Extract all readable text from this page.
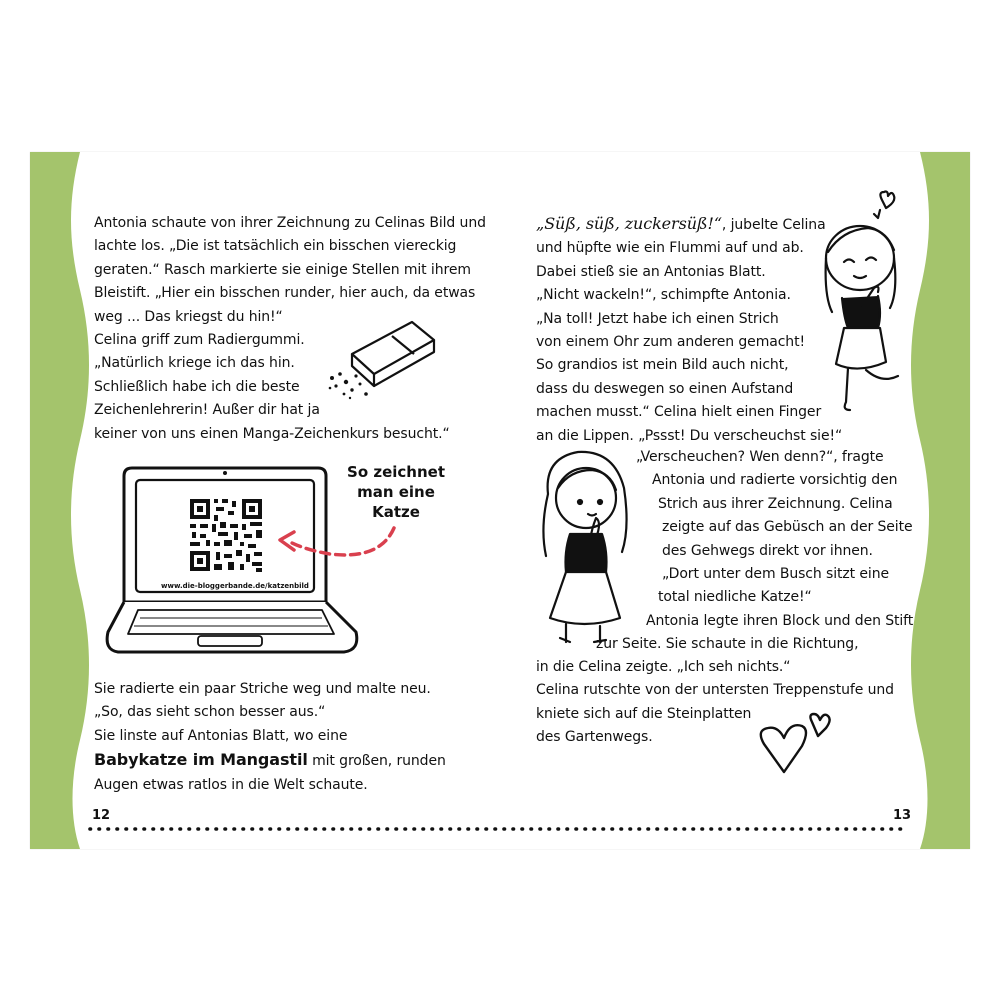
Antonia schaute von ihrer Zeichnung zu Celinas Bild und
lachte los. „Die ist tatsächlich ein bisschen viereckig
geraten.“ Rasch markierte sie einige Stellen mit ihrem
Bleistift. „Hier ein bisschen runder, hier auch, da etwas
weg ... Das kriegst du hin!“
Celina griff zum Radiergummi.
„Natürlich kriege ich das hin.
Schließlich habe ich die beste
Zeichenlehrerin! Außer dir hat ja
keiner von uns einen Manga-Zeichenkurs besucht.“
www.die-bloggerbande.de/katzenbild
So zeichnet
man eine
Katze
Sie radierte ein paar Striche weg und malte neu.
„So, das sieht schon besser aus.“
Sie linste auf Antonias Blatt, wo eine
Babykatze im Mangastil mit großen, runden
Augen etwas ratlos in die Welt schaute.
12
„Süß, süß, zuckersüß!“, jubelte Celina
und hüpfte wie ein Flummi auf und ab.
Dabei stieß sie an Antonias Blatt.
„Nicht wackeln!“, schimpfte Antonia.
„Na toll! Jetzt habe ich einen Strich
von einem Ohr zum anderen gemacht!
So grandios ist mein Bild auch nicht,
dass du deswegen so einen Aufstand
machen musst.“ Celina hielt einen Finger
an die Lippen. „Pssst! Du verscheuchst sie!“
„Verscheuchen? Wen denn?“, fragte
Antonia und radierte vorsichtig den
Strich aus ihrer Zeichnung. Celina
zeigte auf das Gebüsch an der Seite
des Gehwegs direkt vor ihnen.
„Dort unter dem Busch sitzt eine
total niedliche Katze!“
Antonia legte ihren Block und den Stift
zur Seite. Sie schaute in die Richtung,
in die Celina zeigte. „Ich seh nichts.“
Celina rutschte von der untersten Treppenstufe und
kniete sich auf die Steinplatten
des Gartenwegs.
13
